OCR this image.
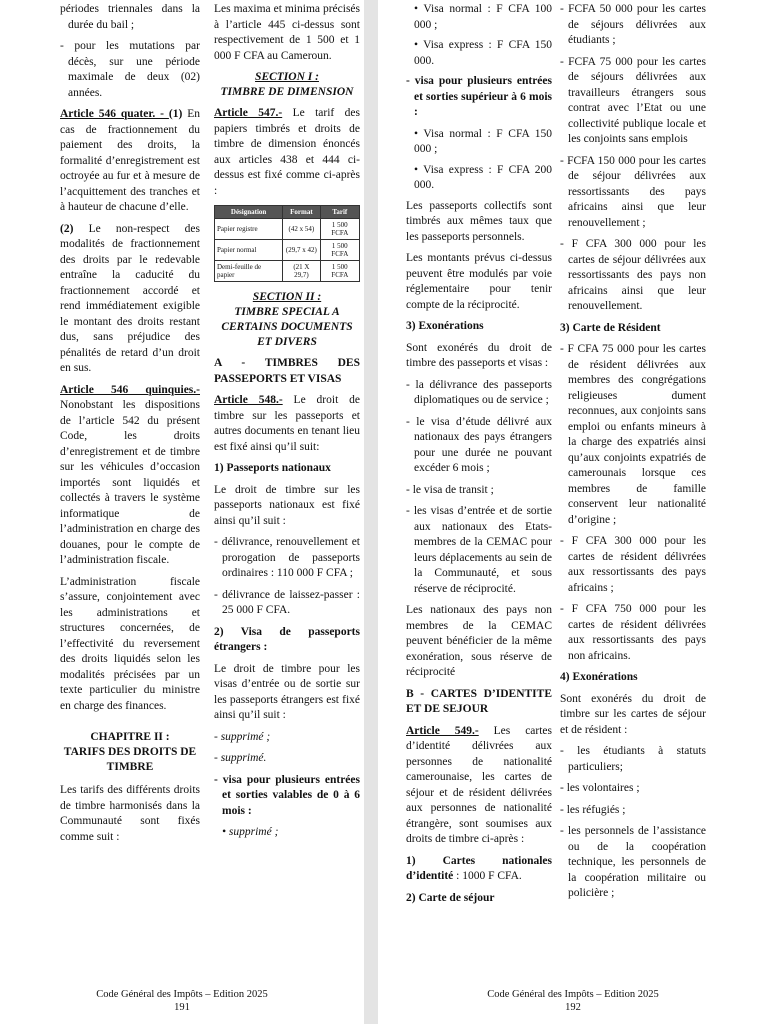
périodes triennales dans la durée du bail ;

- pour les mutations par décès, sur une période maximale de deux (02) années.

Article 546 quater. - (1) En cas de fractionnement du paiement des droits, la formalité d’enregistrement est octroyée au fur et à mesure de l’acquittement des tranches et à hauteur de chacune d’elle.

(2) Le non-respect des modalités de fractionnement des droits par le redevable entraîne la caducité du fractionnement accordé et rend immédiatement exigible le montant des droits restant dus, sans préjudice des pénalités de retard d’un droit en sus.

Article 546 quinquies.- Nonobstant les dispositions de l’article 542 du présent Code, les droits d’enregistrement et de timbre sur les véhicules d’occasion importés sont liquidés et collectés à travers le système informatique de l’administration en charge des douanes, pour le compte de l’administration fiscale.

L’administration fiscale s’assure, conjointement avec les administrations et structures concernées, de l’effectivité du reversement des droits liquidés selon les modalités précisées par un texte particulier du ministre en charge des finances.

CHAPITRE II :
TARIFS DES DROITS DE
TIMBRE

Les tarifs des différents droits de timbre harmonisés dans la Communauté sont fixés comme suit :

Les maxima et minima précisés à l’article 445 ci-dessus sont respectivement de 1 500 et 1 000 F CFA au Cameroun.

SECTION I :
TIMBRE DE DIMENSION

Article 547.- Le tarif des papiers timbrés et droits de timbre de dimension énoncés aux articles 438 et 444 ci-dessus est fixé comme ci-après :

Désignation	Format	Tarif
Papier registre	(42 x 54)	1 500 FCFA
Papier normal	(29,7 x 42)	1 500 FCFA
Demi-feuille de papier	(21 X 29,7)	1 500 FCFA
SECTION II :
TIMBRE SPECIAL A CERTAINS DOCUMENTS ET DIVERS

A - TIMBRES DES PASSEPORTS ET VISAS

Article 548.- Le droit de timbre sur les passeports et autres documents en tenant lieu est fixé ainsi qu’il suit:

1) Passeports nationaux

Le droit de timbre sur les passeports nationaux est fixé ainsi qu’il suit :

- délivrance, renouvellement et prorogation de passeports ordinaires : 110 000 F CFA ;

- délivrance de laissez-passer : 25 000 F CFA.

2) Visa de passeports étrangers :

Le droit de timbre pour les visas d’entrée ou de sortie sur les passeports étrangers est fixé ainsi qu’il suit :

- supprimé ;

- supprimé.

- visa pour plusieurs entrées et sorties valables de 0 à 6 mois :

• supprimé ;

Code Général des Impôts – Edition 2025
191

• Visa normal : F CFA 100 000 ;

• Visa express : F CFA 150 000.

- visa pour plusieurs entrées et sorties supérieur à 6 mois :

• Visa normal : F CFA 150 000 ;

• Visa express : F CFA 200 000.

Les passeports collectifs sont timbrés aux mêmes taux que les passeports personnels.

Les montants prévus ci-dessus peuvent être modulés par voie réglementaire pour tenir compte de la réciprocité.

3) Exonérations

Sont exonérés du droit de timbre des passeports et visas :

- la délivrance des passeports diplomatiques ou de service ;

- le visa d’étude délivré aux nationaux des pays étrangers pour une durée ne pouvant excéder 6 mois ;

- le visa de transit ;

- les visas d’entrée et de sortie aux nationaux des Etats-membres de la CEMAC pour leurs déplacements au sein de la Communauté, et sous réserve de réciprocité.

Les nationaux des pays non membres de la CEMAC peuvent bénéficier de la même exonération, sous réserve de réciprocité

B - CARTES D’IDENTITE ET DE SEJOUR

Article 549.- Les cartes d’identité délivrées aux personnes de nationalité camerounaise, les cartes de séjour et de résident délivrées aux personnes de nationalité étrangère, sont soumises aux droits de timbre ci-après :

1) Cartes nationales d’identité : 1000 F CFA.

2) Carte de séjour

- FCFA 50 000 pour les cartes de séjours délivrées aux étudiants ;

- FCFA 75 000 pour les cartes de séjours délivrées aux travailleurs étrangers sous contrat avec l’Etat ou une collectivité publique locale et les conjoints sans emplois

- FCFA 150 000 pour les cartes de séjour délivrées aux ressortissants des pays africains ainsi que leur renouvellement ;

- F CFA 300 000 pour les cartes de séjour délivrées aux ressortissants des pays non africains ainsi que leur renouvellement.

3) Carte de Résident

- F CFA 75 000 pour les cartes de résident délivrées aux membres des congrégations religieuses dument reconnues, aux conjoints sans emploi ou enfants mineurs à la charge des expatriés ainsi qu’aux conjoints expatriés de camerounais lorsque ces membres de famille conservent leur nationalité d’origine ;

- F CFA 300 000 pour les cartes de résident délivrées aux ressortissants des pays africains ;

- F CFA 750 000 pour les cartes de résident délivrées aux ressortissants des pays non africains.

4) Exonérations

Sont exonérés du droit de timbre sur les cartes de séjour et de résident :

- les étudiants à statuts particuliers;

- les volontaires ;

- les réfugiés ;

- les personnels de l’assistance ou de la coopération technique, les personnels de la coopération militaire ou policière ;

Code Général des Impôts – Edition 2025
192
